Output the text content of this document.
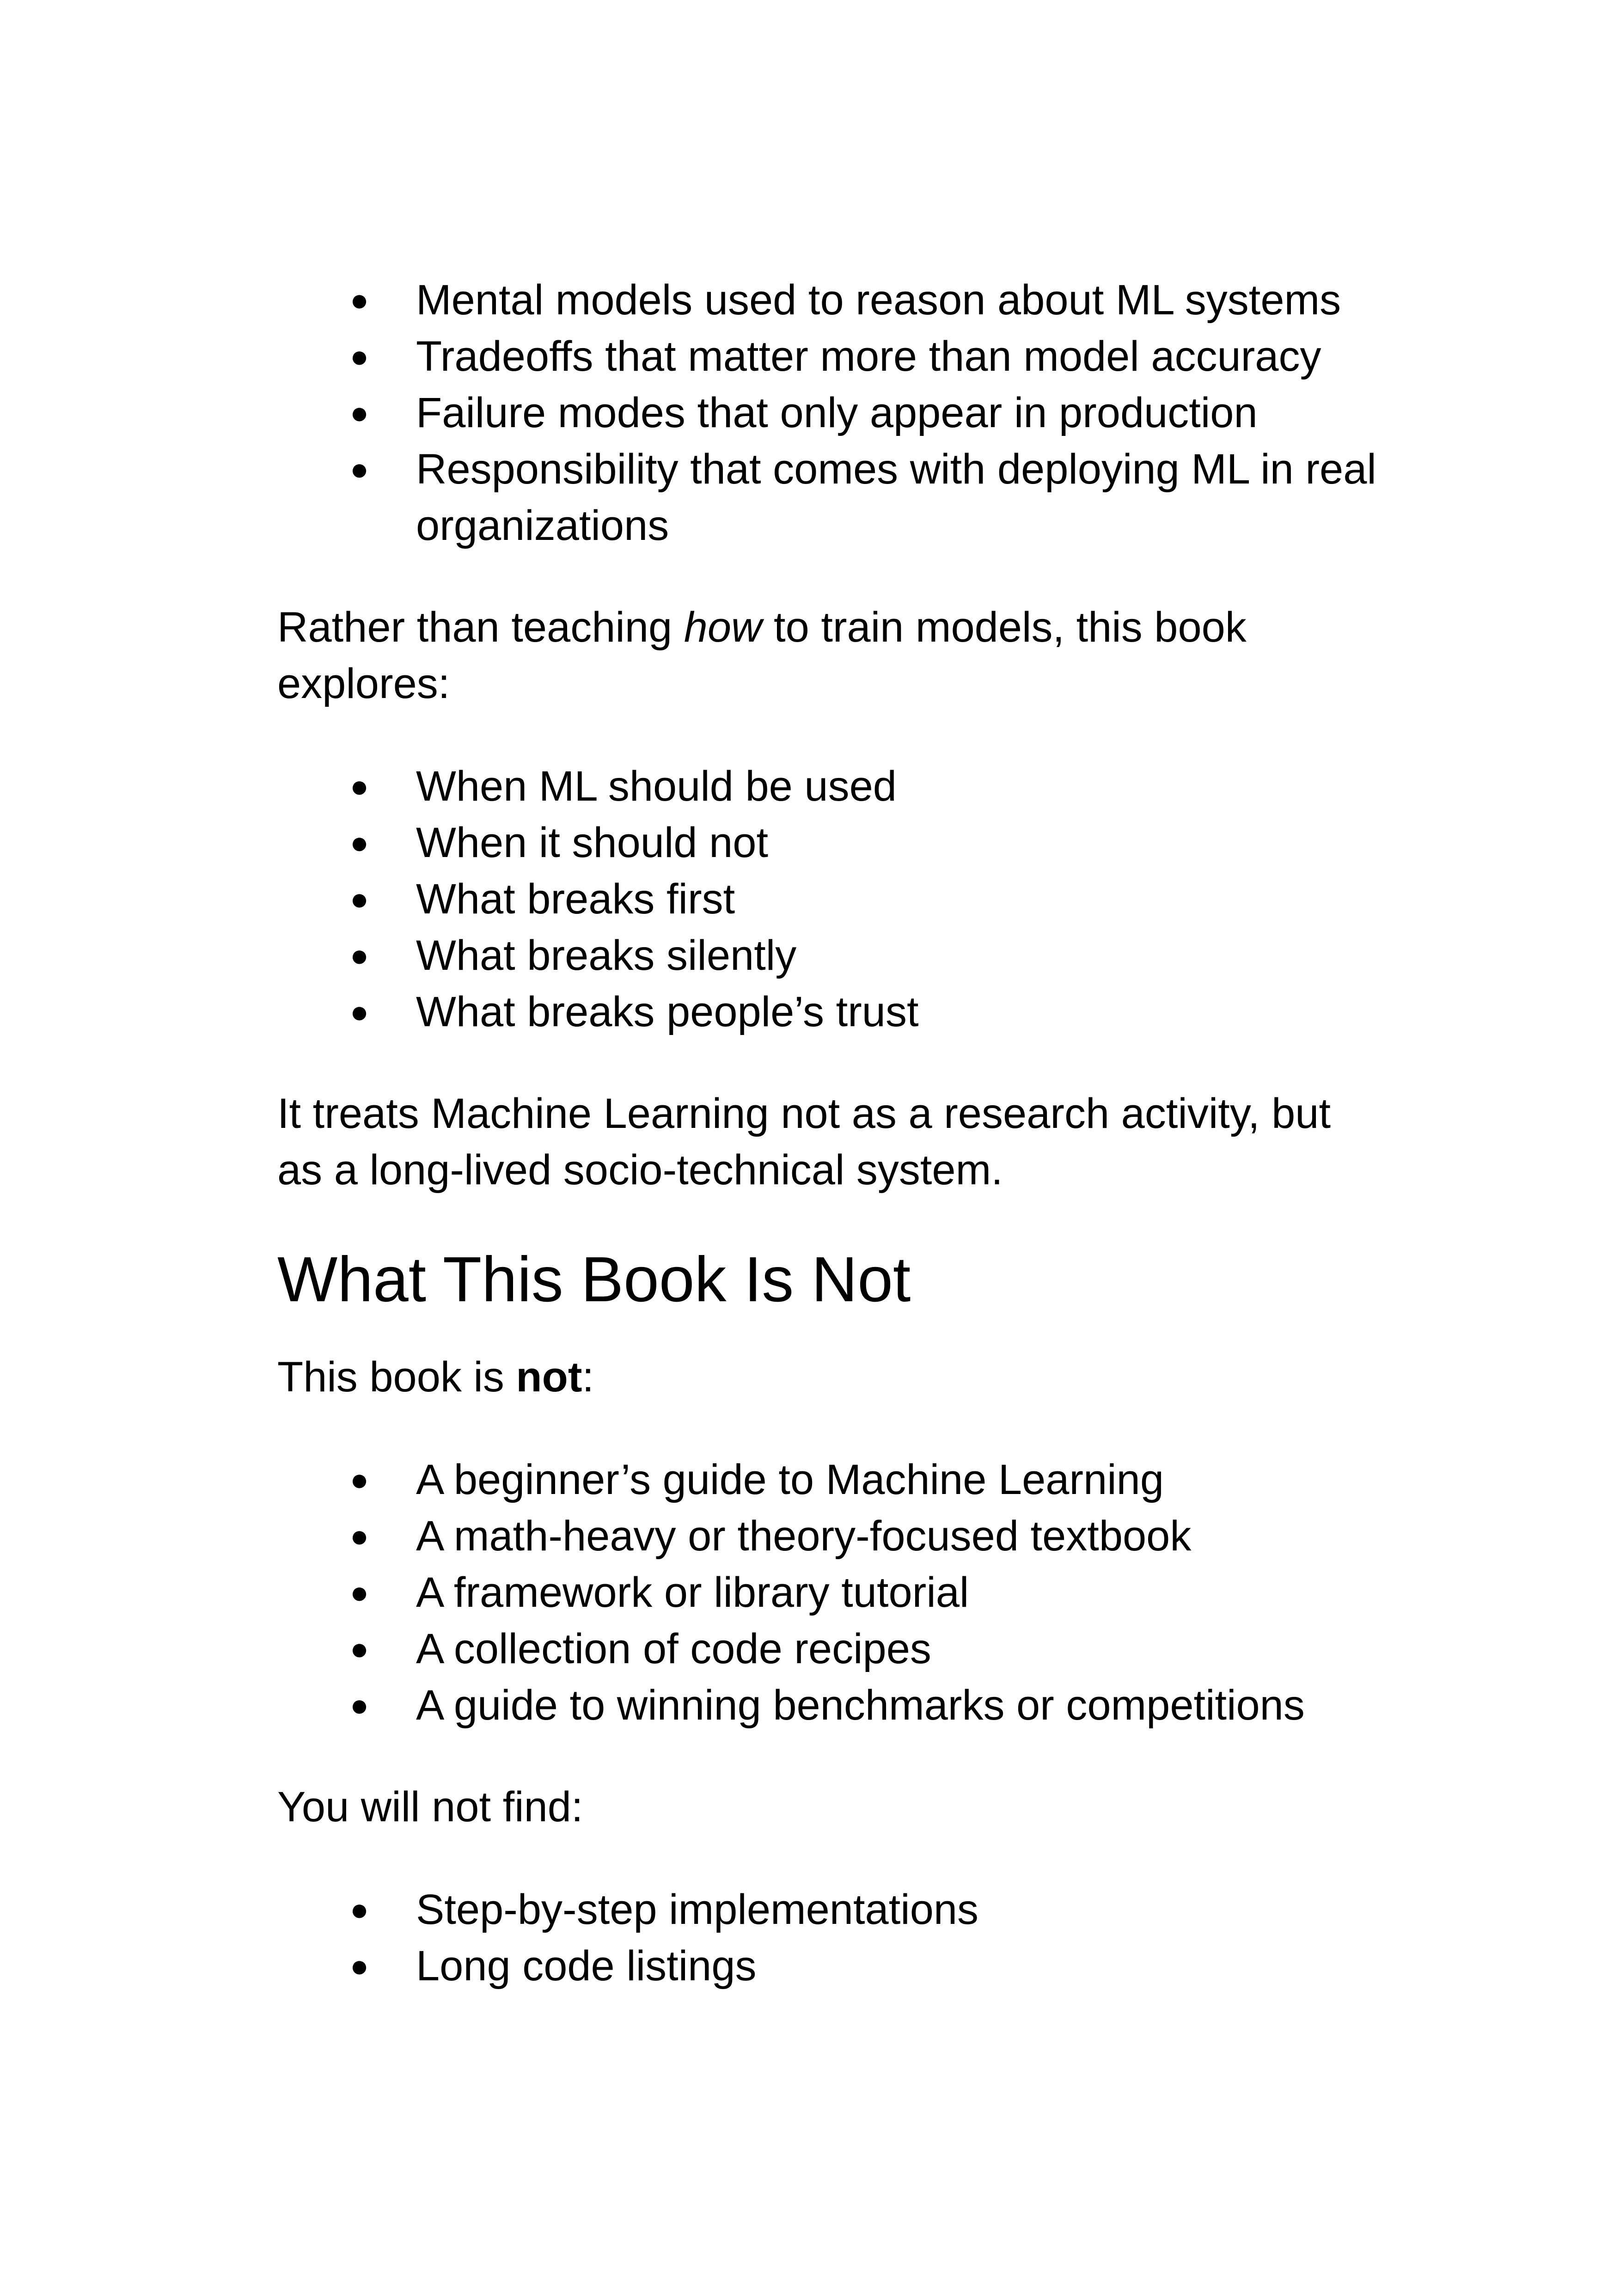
● Mental models used to reason about ML systems
● Tradeoffs that matter more than model accuracy
● Failure modes that only appear in production
● Responsibility that comes with deploying ML in real organizations

Rather than teaching how to train models, this book explores:

● When ML should be used
● When it should not
● What breaks first
● What breaks silently
● What breaks people’s trust

It treats Machine Learning not as a research activity, but as a long-lived socio-technical system.

What This Book Is Not

This book is not:

● A beginner’s guide to Machine Learning
● A math-heavy or theory-focused textbook
● A framework or library tutorial
● A collection of code recipes
● A guide to winning benchmarks or competitions

You will not find:

● Step-by-step implementations
● Long code listings
